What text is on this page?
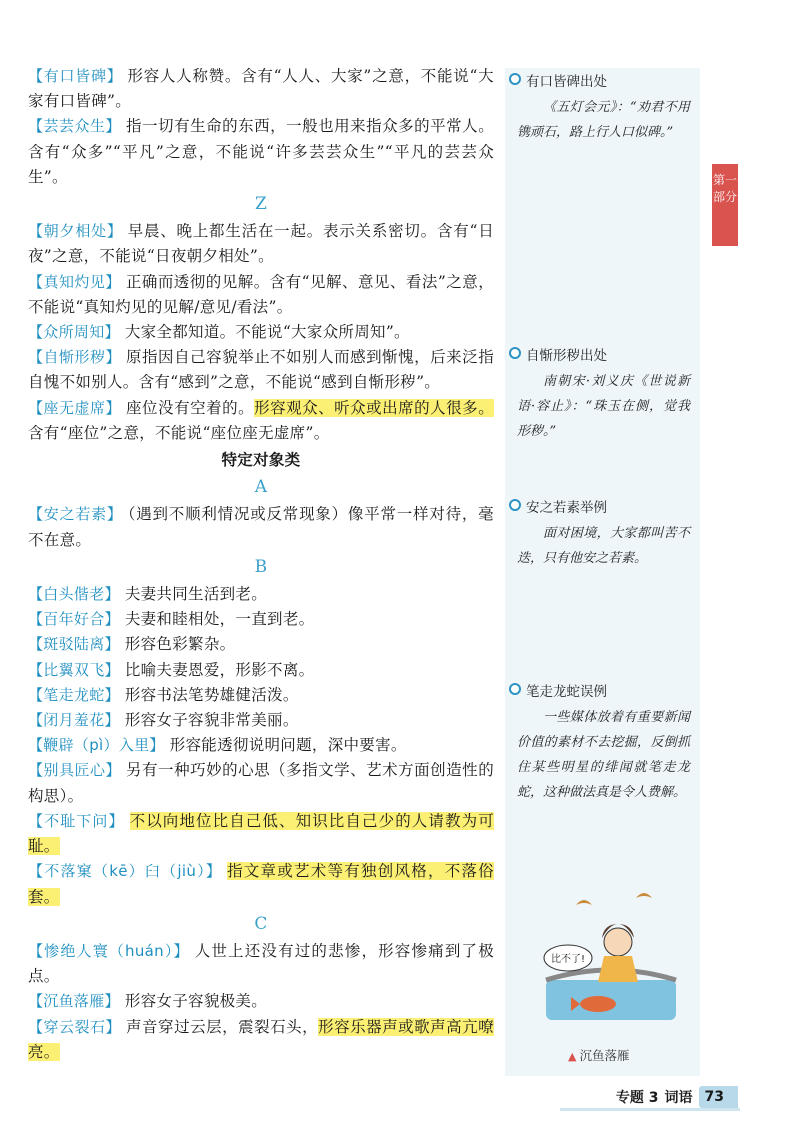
【有口皆碑】 形容人人称赞。含有“人人、大家”之意，不能说“大家有口皆碑”。

【芸芸众生】 指一切有生命的东西，一般也用来指众多的平常人。含有“众多”“平凡”之意，不能说“许多芸芸众生”“平凡的芸芸众生”。

Z

【朝夕相处】 早晨、晚上都生活在一起。表示关系密切。含有“日夜”之意，不能说“日夜朝夕相处”。

【真知灼见】 正确而透彻的见解。含有“见解、意见、看法”之意，不能说“真知灼见的见解/意见/看法”。

【众所周知】 大家全都知道。不能说“大家众所周知”。

【自惭形秽】 原指因自己容貌举止不如别人而感到惭愧，后来泛指自愧不如别人。含有“感到”之意，不能说“感到自惭形秽”。

【座无虚席】 座位没有空着的。形容观众、听众或出席的人很多。含有“座位”之意，不能说“座位座无虚席”。

特定对象类
A

【安之若素】 （遇到不顺利情况或反常现象）像平常一样对待，毫不在意。

B

【白头偕老】 夫妻共同生活到老。

【百年好合】 夫妻和睦相处，一直到老。

【斑驳陆离】 形容色彩繁杂。

【比翼双飞】 比喻夫妻恩爱，形影不离。

【笔走龙蛇】 形容书法笔势雄健活泼。

【闭月羞花】 形容女子容貌非常美丽。

【鞭辟（pì）入里】 形容能透彻说明问题，深中要害。

【别具匠心】 另有一种巧妙的心思（多指文学、艺术方面创造性的构思）。

【不耻下问】 不以向地位比自己低、知识比自己少的人请教为可耻。

【不落窠（kē）臼（jiù）】 指文章或艺术等有独创风格，不落俗套。

C

【惨绝人寰（huán）】 人世上还没有过的悲惨，形容惨痛到了极点。

【沉鱼落雁】 形容女子容貌极美。

【穿云裂石】 声音穿过云层，震裂石头，形容乐器声或歌声高亢嘹亮。

有口皆碑出处
《五灯会元》：“劝君不用镌顽石，路上行人口似碑。”
自惭形秽出处
南朝宋·刘义庆《世说新语·容止》：“珠玉在侧，觉我形秽。”
安之若素举例
面对困境，大家都叫苦不迭，只有他安之若素。
笔走龙蛇误例
一些媒体放着有重要新闻价值的素材不去挖掘，反倒抓住某些明星的绯闻就笔走龙蛇，这种做法真是令人费解。
比不了!
▲ 沉鱼落雁
第一部分
专题 3 词语 73
